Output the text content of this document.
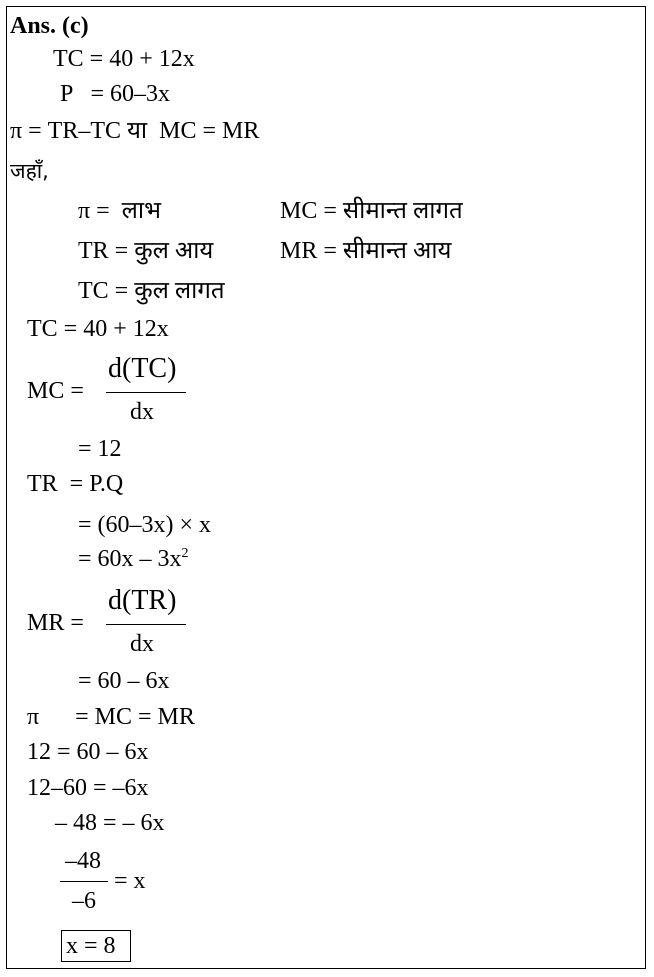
Ans. (c)
TC = 40 + 12x
P   = 60–3x
π = TR–TC या  MC = MR
जहाँ,
π =  लाभ	MC = सीमान्त लागत
TR = कुल आय	MR = सीमान्त आय
TC = कुल लागत
TC = 40 + 12x
MC =
d(TC)
dx
= 12
TR  = P.Q
= (60–3x) × x
= $60x - 3x^2$
MR =
d(TR)
dx
= 60 – 6x
π      = MC = MR
12 = 60 – 6x
12–60 = –6x
– 48 = – 6x
–48
–6
= x
x = 8
